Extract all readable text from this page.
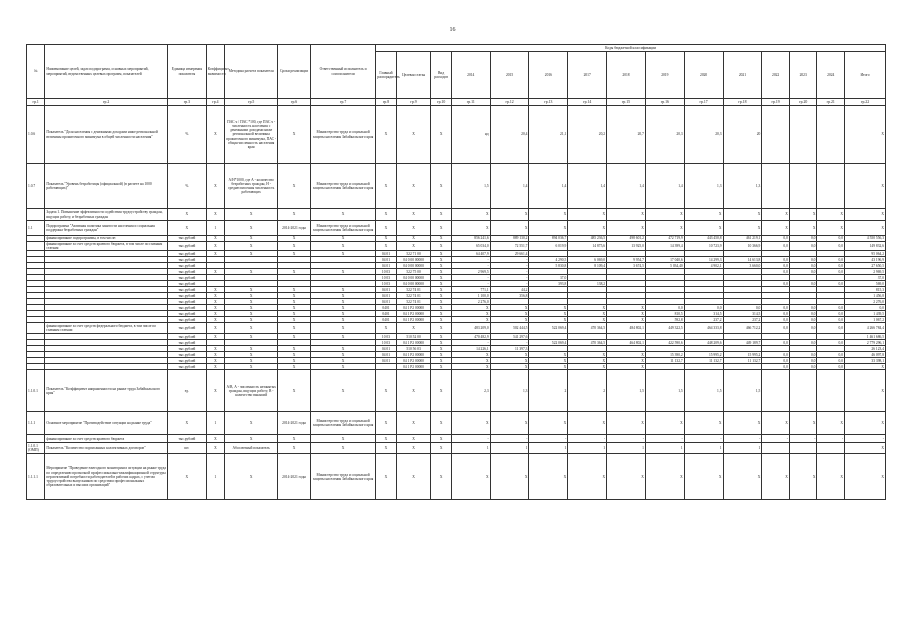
16
№	Наименование целей, задач подпрограмм, основных мероприятий, мероприятий, ведомственных целевых программ, показателей	Единица измерения показателя	Коэффициент значимости	Методика расчета показателя	Сроки реализации	Ответственный исполнитель и соисполнители	Коды бюджетной классификации														
							Главный распорядитель	Целевая статья	Вид расходов	2014	2015	2016	2017	2018	2019	2020	2021	2022	2023	2024	Итого
гр.1	гр.2	гр.3	гр.4	гр.5	гр.6	гр.7	гр.8	гр.9	гр.10	гр.11	гр.12	гр.13	гр.14	гр.15	гр.16	гр.17	гр.18	гр.19	гр.20	гр.21	гр.22
1.0.6	Показатель "Доля населения с денежными доходами ниже региональной величины прожиточного минимума в общей численности населения"	%	X	ПАС ч / ПАС *100, где ПАС ч - численность населения с денежными доходами ниже региональной величины прожиточного минимума, ПАС - общая численность населения края	X	Министерство труда и социальной защиты населения Забайкальского края	X	X	X	нд	20,4	21,1	20,2	20,7	20,3	20,3	20				X
1.0.7	Показатель "Уровень безработицы (официальной) (в расчете на 1000 работающих)"	%	X	А/Н*1000, где А - количество безработных граждан, Н - среднесписочная численность работающих	X	Министерство труда и социальной защиты населения Забайкальского края	X	X	X	1,5	1,4	1,4	1,4	1,4	1,4	1,3	1,3				X
	Задача 1. Повышение эффективности содействия трудоустройству граждан, ищущих работу, и безработных граждан	X	X	X	X	X	X	X	X	X	X	X	X	X	X	X	X	X	X	X	X
1.1	Подпрограмма "Активная политика занятости населения и социальная поддержка безработных граждан"	X	1	X	2014-2021 годы	Министерство труда и социальной защиты населения Забайкальского края	X	X	X	X	X	X	X	X	X	X	X	X	X	X	X
	финансирование подпрограммы, в том числе:	тыс.рублей	X	X	X	X	X	X	X	856 241,6	889 130,2	894 036,7	485 236,5	498 601,2	472 719,9	443 450,8	461 219,1	0,0	0,0	0,0	4 550 556,3
	финансирование за счет средств краевого бюджета, в том числе по главным статьям:	тыс.рублей	X	X	X	X	X	X	X	65 034,0	72 551,7	6 019,9	14 875,6	13 925,0	14 399,4	10 723,9	10 366,9	0,0	0,0	0,0	149 832,6
		тыс.рублей	X	X	X	X	04 01	522 71 00	X	64 407,9	29 661,4										95 064,2
		тыс.рублей					04 01	04 0 00 00000	X	-	-	4 290,5	6 069,0	9 954,7	17 040,6	14 299,3	14 613,8	0,0	0,0	0,0	43 196,9
		тыс.рублей					04 01	04 0 00 00000	X	-	-	5 830,8	8 109,4	3 674,5	5 034,40	4 902,1	3 660,0	0,0	0,0	0,0	27 650,5
		тыс.рублей	X	X	X	X	10 03	522 75 00	X	2 969,5	-							0,0	0,0	0,0	2 969,5
		тыс.рублей					10 03	04 0 00 00000	X	-	-	37,0									37,0
		тыс.рублей					10 03	04 0 00 00000	X	-	-	393,8	138,2					0,0	0,0	0,0	569,0
		тыс.рублей	X	X	X	X	04 01	522 74 01	X	771,1	44,2										815,3
		тыс.рублей	X	X	X	X	04 01	522 74 01	X	1 100,0	356,8										1 456,8
		тыс.рублей	X	X	X	X	04 01	522 74 01	X	2 276,0											2 276,0
		тыс.рублей	X	X	X	X	0401	04 1 P2 00000	X	X	X	X	X	X	0,0	0,0	0,0	0,0	0,0	0,0	0,0
		тыс.рублей	X	X	X	X	0401	04 1 P2 00000	X	X	X	X	X	X	810,5	314,5	314,5	0,0	0,0	0,0	1 439,5
		тыс.рублей	X	X	X	X	0401	04 1 P2 00000	X	X	X	X	X	X	592,8	237,2	237,2	0,0	0,0	0,0	1 067,2
	финансирование за счет средств федерального бюджета, в том числе по главным статьям:	тыс.рублей	X	X	X	X	X	X	X	483 209,0	502 444,5	522 069,4	470 364,5	484 802,1	449 322,5	464 333,8	466 712,2	0,0	0,0	0,0	4 266 784,4
		тыс.рублей	X	X	X	X	10 03	510 52 00	X	470 482,9	541 297,6										1 461 686,5
		тыс.рублей					10 03	04 1 P2 00000	X	-	-	522 069,4	470 364,5	464 802,1	422 590,6	448 209,6	449 189,7	0,0	0,0	0,0	2 779 296,1
		тыс.рублей	X	X	X	X	04 01	510 56 03	X	14 226,1	11 397,3										26 123,4
		тыс.рублей	X	X	X	X	04 01	04 1 P2 00000	X	X	X	X	X	X	15 390,2	15 995,2	15 995,2	0,0	0,0	0,0	46 097,8
		тыс.рублей	X	X	X	X	04 01	04 1 P2 00000	X	X	X	X	X	X	11 132,7	11 132,7	11 132,7	0,0	0,0	0,0	33 398,1
		тыс.рублей	X	X	X	X		04 1 P2 00000	X	X	X	X	X	X				0,0	0,0	0,0	X
1.1.0.1	Показатель "Коэффициент напряженности на рынке труда Забайкальского края"	ед.	X	А/В, А - численность незанятых граждан, ищущих работу, В - количество вакансий	X	X	X	X	X	2,3	1,3	2	2	1,5	1,5	1,5	1,5				X
1.1.1	Основное мероприятие "Противодействие ситуации на рынке труда"	X	1	X	2014-2021 годы	Министерство труда и социальной защиты населения Забайкальского края	X	X	X	X	X	X	X	X	X	X	X	X	X	X	X
	финансирование за счет средств краевого бюджета	тыс.рублей	X	X	X	X	X	X	X	-	-	-	-	-	-	-	-	-	-	-	-
1.1.0.1 (ОМП)	Показатель "Количество подписанных коллективных договоров"	шт.	X	Абсолютный показатель	X	X	X	X	X	1	1	1	1	1	1	1	1				X
1.1.1.1	Мероприятие "Проведение ежегодного мониторинга ситуации на рынке труда по определению прогнозной профессионально-квалификационной структуры перспективной потребности работодателей в рабочих кадрах, с учетом трудоустройства выпускников по средствам профессиональных образовательных и высших организаций"	X	1	X	2014-2021 годы	Министерство труда и социальной защиты населения Забайкальского края	X	X	X	X	X	X	X	X	X	X	X	X	X	X	X
